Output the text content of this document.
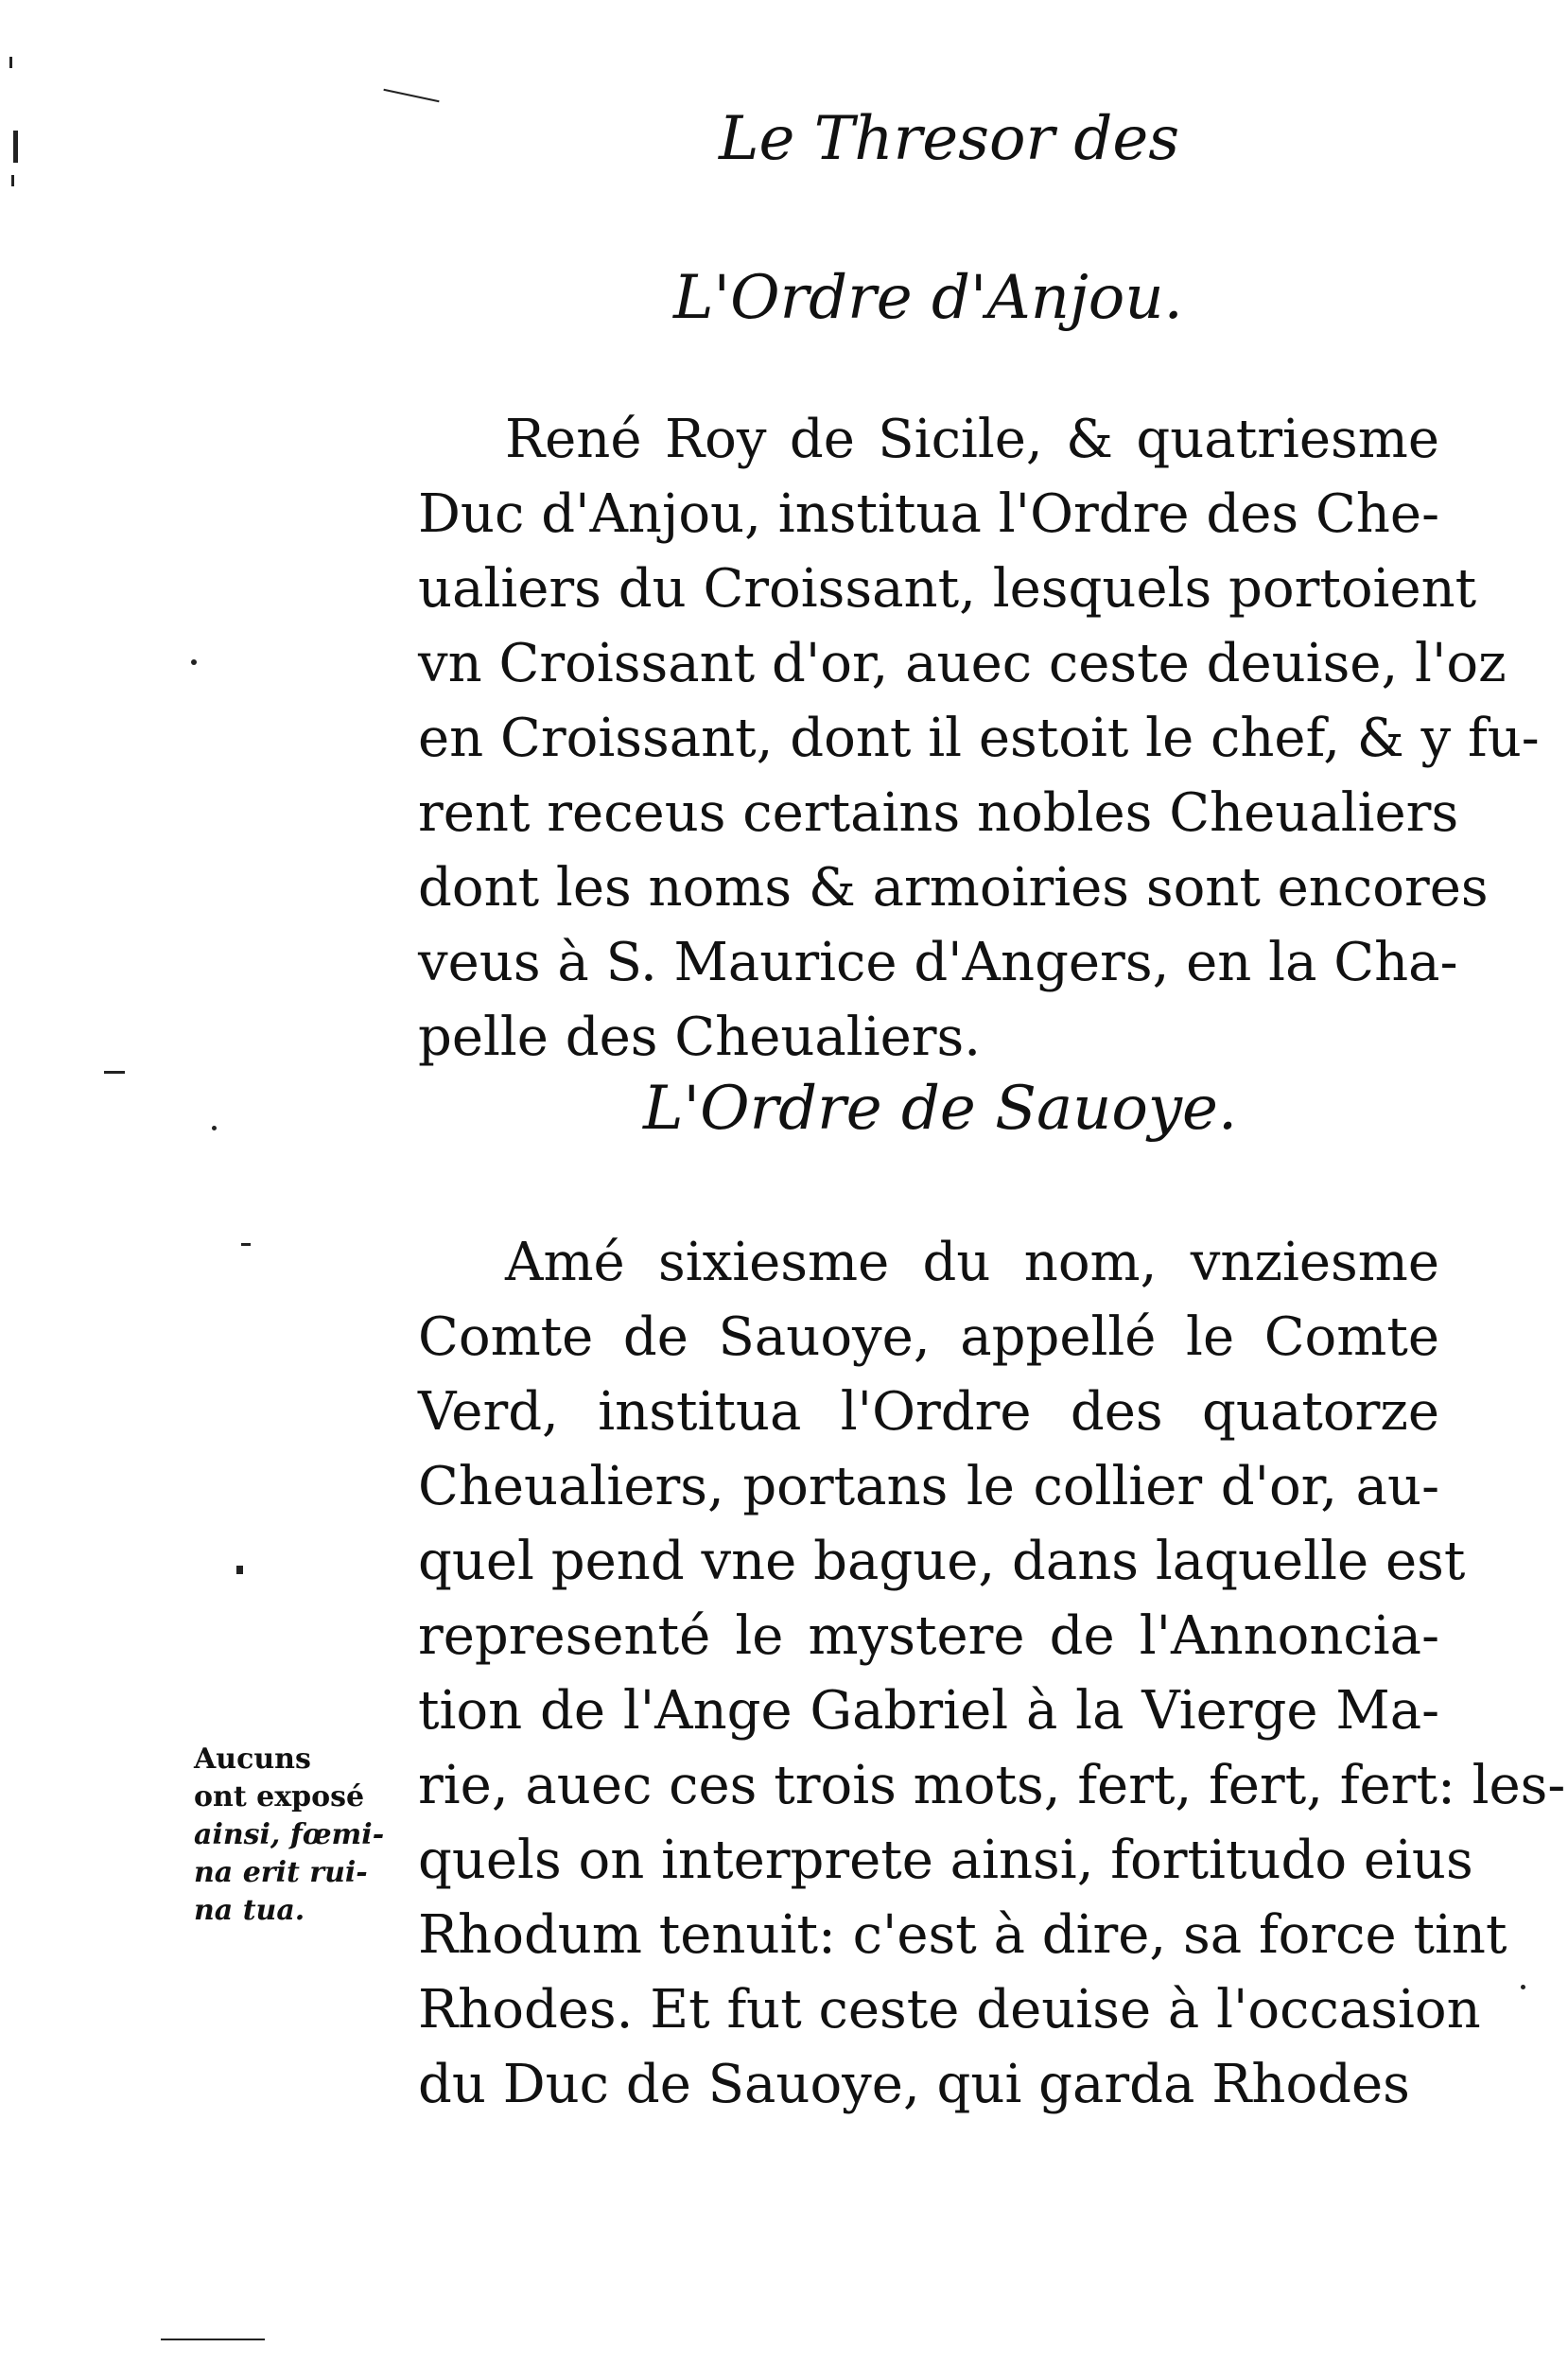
Le Thresor des
L'Ordre d'Anjou.
René Roy de Sicile, & quatriesme
Duc d'Anjou, institua l'Ordre des Che-
ualiers du Croissant, lesquels portoient
vn Croissant d'or, auec ceste deuise, l'oz
en Croissant, dont il estoit le chef, & y fu-
rent receus certains nobles Cheualiers
dont les noms & armoiries sont encores
veus à S. Maurice d'Angers, en la Cha-
pelle des Cheualiers.
L'Ordre de Sauoye.
Amé sixiesme du nom, vnziesme
Comte de Sauoye, appellé le Comte
Verd, institua l'Ordre des quatorze
Cheualiers, portans le collier d'or, au-
quel pend vne bague, dans laquelle est
representé le mystere de l'Annoncia-
tion de l'Ange Gabriel à la Vierge Ma-
rie, auec ces trois mots, fert, fert, fert: les-
quels on interprete ainsi, fortitudo eius
Rhodum tenuit: c'est à dire, sa force tint
Rhodes. Et fut ceste deuise à l'occasion
du Duc de Sauoye, qui garda Rhodes
Aucuns
ont exposé
ainsi, fœmi-
na erit rui-
na tua.
